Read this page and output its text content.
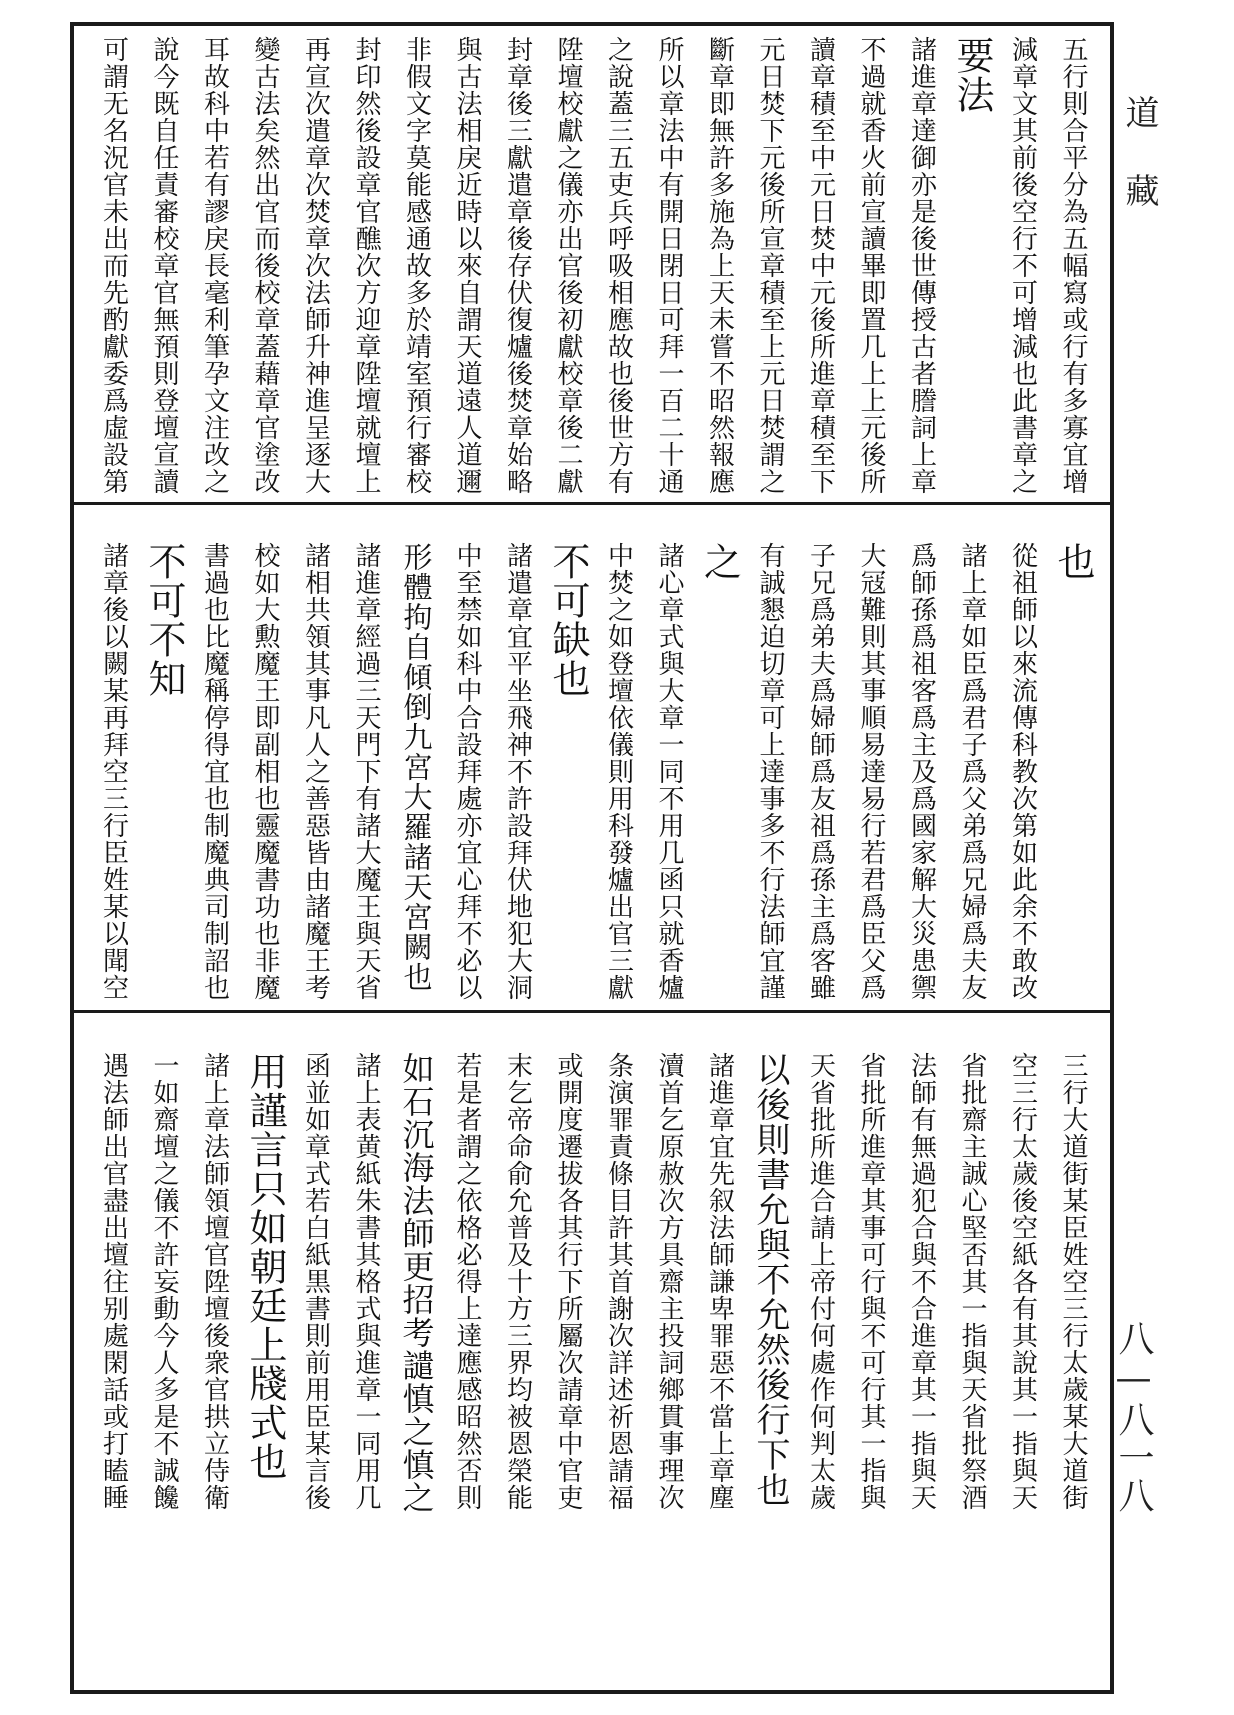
道藏
八—八一八
五行則合平分為五幅寫或行有多寡宜增
減章文其前後空行不可增減也此書章之
要法
諸進章達御亦是後世傳授古者謄詞上章
不過就香火前宣讀畢即置几上上元後所
讀章積至中元日焚中元後所進章積至下
元日焚下元後所宣章積至上元日焚謂之
斷章即無許多施為上天未嘗不昭然報應
所以章法中有開日閉日可拜一百二十通
之說蓋三五吏兵呼吸相應故也後世方有
陞壇校獻之儀亦出官後初獻校章後二獻
封章後三獻遣章後存伏復爐後焚章始略
與古法相戾近時以來自謂天道遠人道邇
非假文字莫能感通故多於靖室預行審校
封印然後設章官醮次方迎章陞壇就壇上
再宣次遣章次焚章次法師升神進呈逐大
變古法矣然出官而後校章蓋藉章官塗改
耳故科中若有謬戾長毫利筆孕文注改之
說今既自任責審校章官無預則登壇宣讀
可謂无名況官未出而先酌獻委爲虛設第
也
從祖師以來流傳科教次第如此余不敢改
諸上章如臣爲君子爲父弟爲兄婦爲夫友
爲師孫爲祖客爲主及爲國家解大災患禦
大冦難則其事順易達易行若君爲臣父爲
子兄爲弟夫爲婦師爲友祖爲孫主爲客雖
有誠懇迫切章可上達事多不行法師宜謹
之
諸心章式與大章一同不用几函只就香爐
中焚之如登壇依儀則用科發爐出官三獻
不可缺也
諸遣章宜平坐飛神不許設拜伏地犯大洞
中至禁如科中合設拜處亦宜心拜不必以
形體拘自傾倒九宮大羅諸天宮闕也
諸進章經過三天門下有諸大魔王與天省
諸相共領其事凡人之善惡皆由諸魔王考
校如大勲魔王即副相也靈魔書功也非魔
書過也比魔稱停得宜也制魔典司制詔也
不可不知
諸章後以闕某再拜空三行臣姓某以聞空
三行大道街某臣姓空三行太歲某大道街
空三行太歲後空紙各有其說其一指與天
省批齋主誠心堅否其一指與天省批祭酒
法師有無過犯合與不合進章其一指與天
省批所進章其事可行與不可行其一指與
天省批所進合請上帝付何處作何判太歲
以後則書允與不允然後行下也
諸進章宜先叙法師謙卑罪惡不當上章塵
瀆首乞原赦次方具齋主投詞鄉貫事理次
条演罪責條目許其首謝次詳述祈恩請福
或開度遷拔各其行下所屬次請章中官吏
末乞帝命俞允普及十方三界均被恩榮能
若是者謂之依格必得上達應感昭然否則
如石沉海法師更招考譴慎之慎之
諸上表黄紙朱書其格式與進章一同用几
函並如章式若白紙黒書則前用臣某言後
用謹言只如朝廷上牋式也
諸上章法師領壇官陞壇後衆官拱立侍衛
一如齋壇之儀不許妄動今人多是不誠饞
遇法師出官盡出壇往别處閑話或打瞌睡
